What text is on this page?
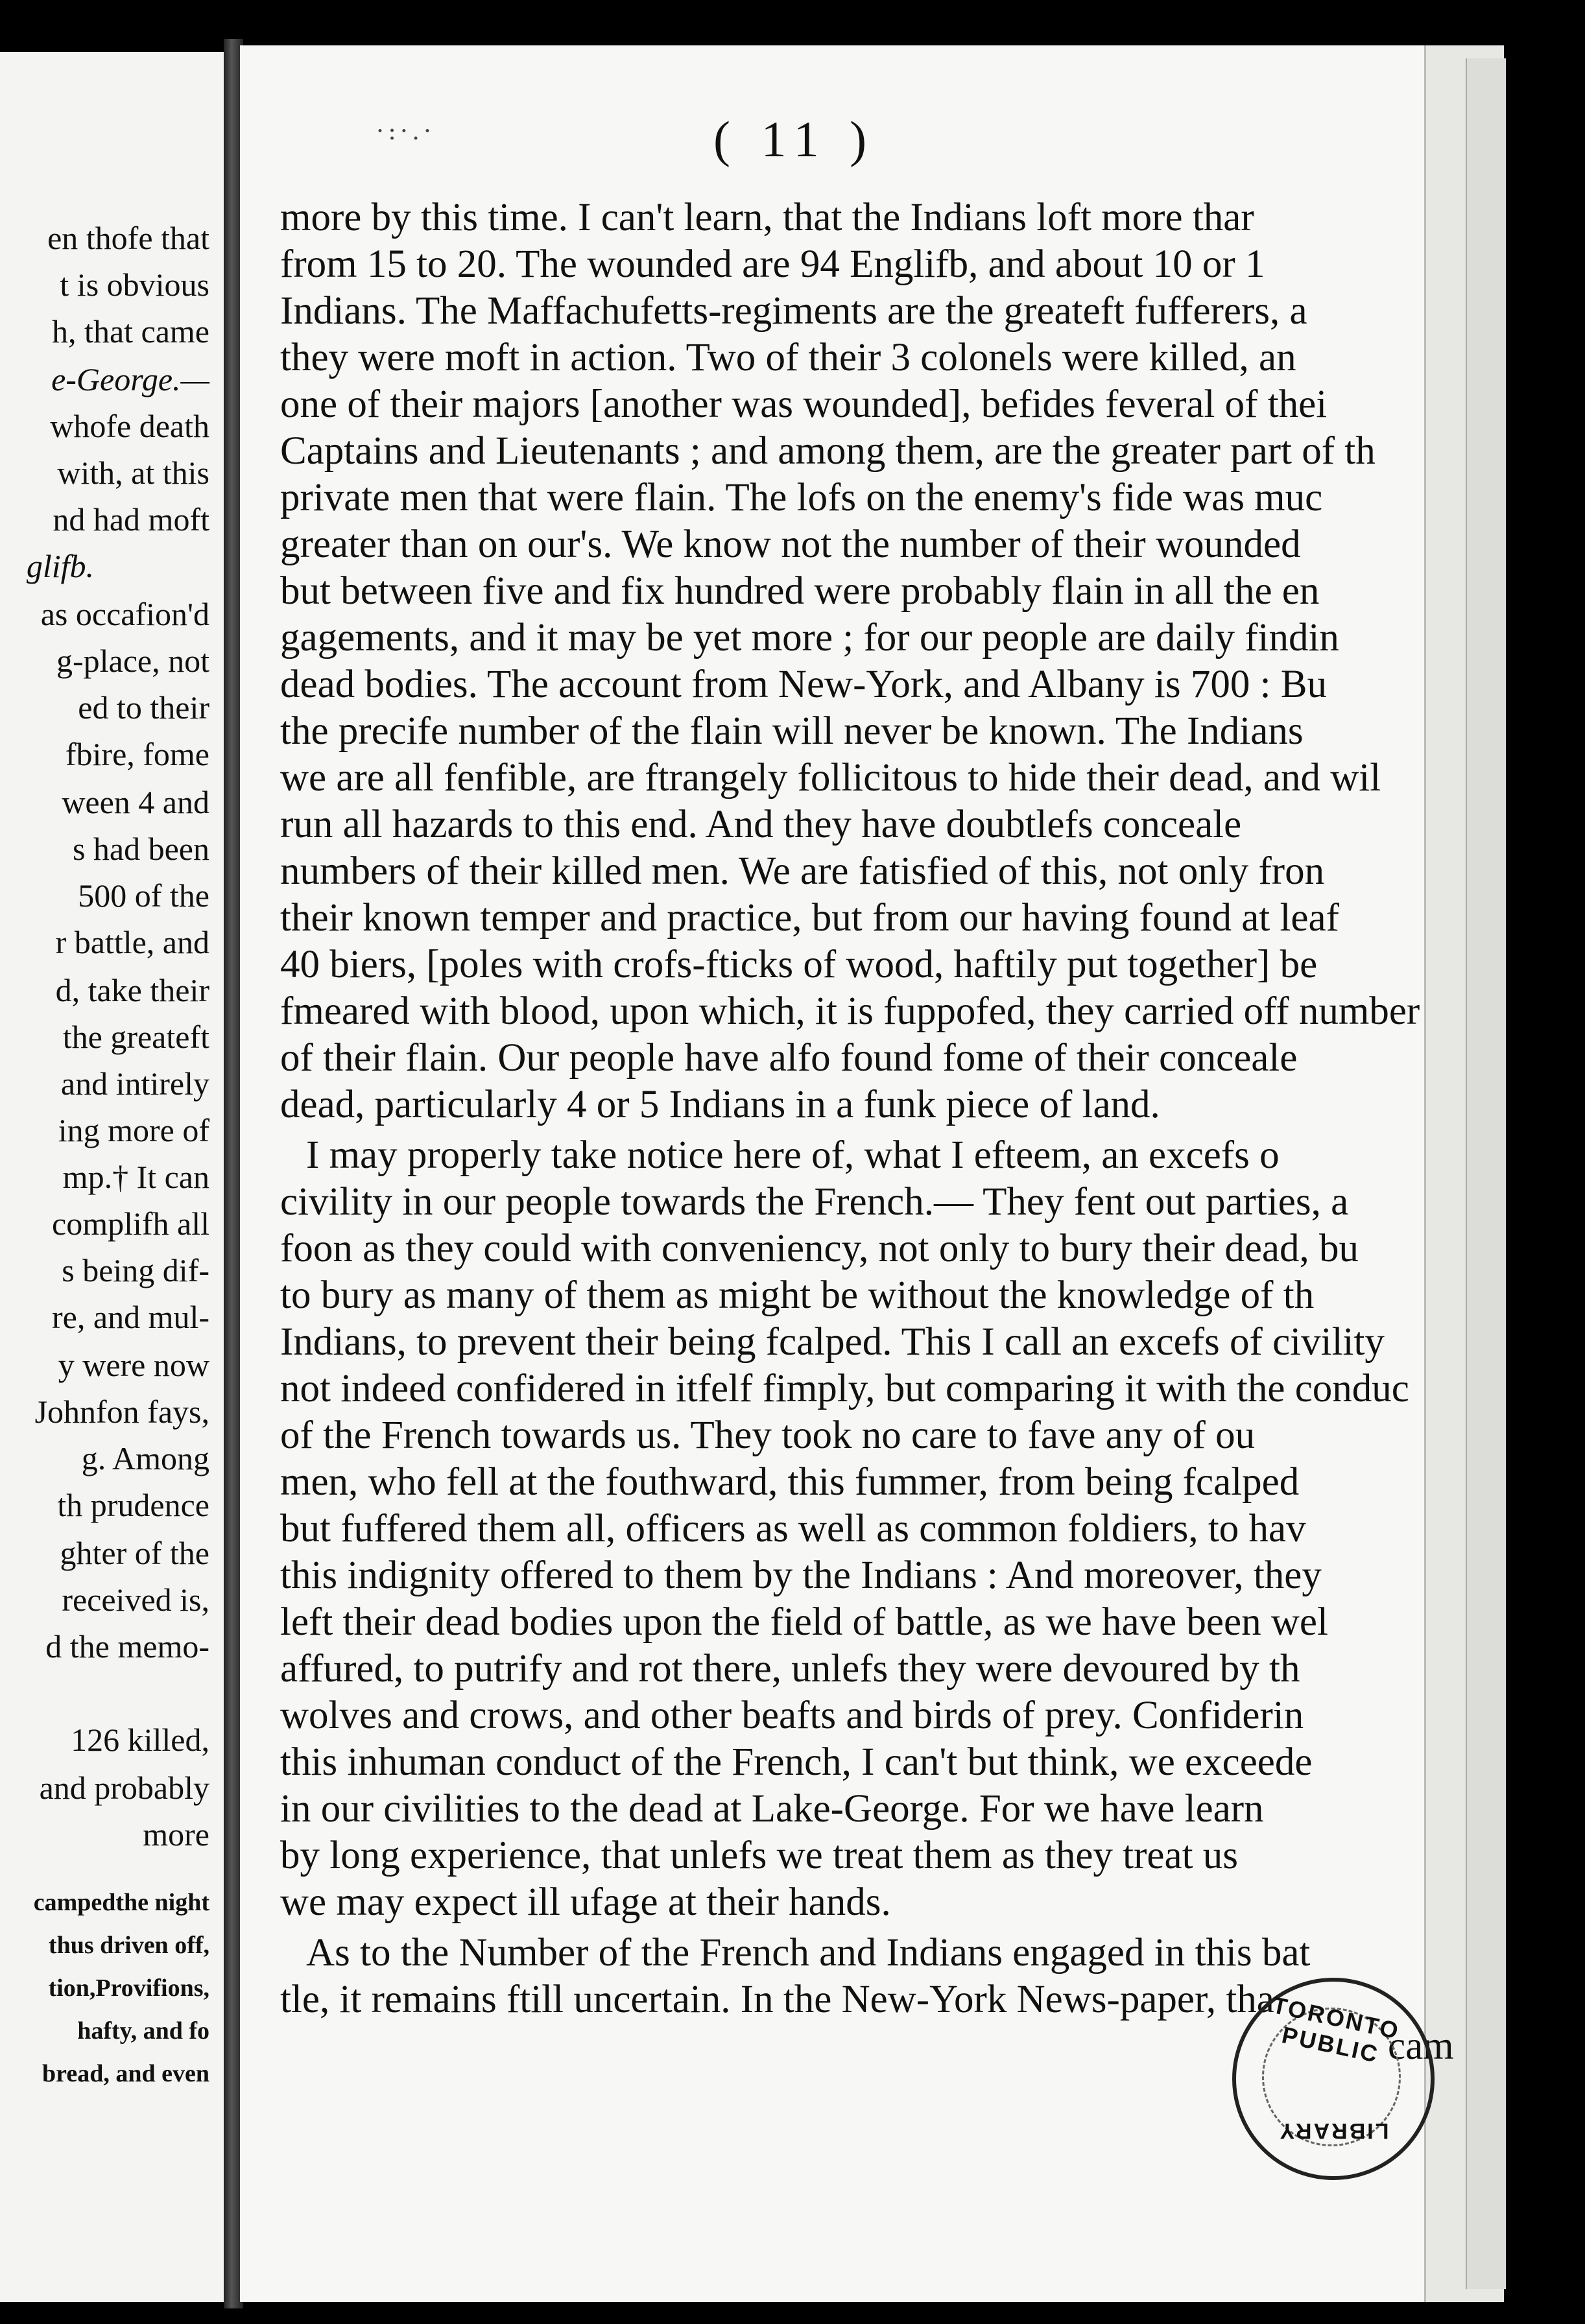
en thofe that
t is obvious
h, that came
e-George.—
whofe death
with, at this
nd had moft
glifb.
as occafion'd
g-place, not
ed to their
fbire, fome
ween 4 and
s had been
500 of the
r battle, and
d, take their
the greateft
and intirely
ing more of
mp.† It can
complifh all
s being dif-
re, and mul-
y were now
Johnfon fays,
g. Among
th prudence
ghter of the
received is,
d the memo-
126 killed,
and probably
more
campedthe night
thus driven off,
tion,Provifions,
hafty, and fo
bread, and even
·:·.·	( 11 )
more by this time. I can't learn, that the Indians loft more thar
from 15 to 20. The wounded are 94 Englifb, and about 10 or 1
Indians. The Maffachufetts-regiments are the greateft fufferers, a
they were moft in action. Two of their 3 colonels were killed, an
one of their majors [another was wounded], befides feveral of thei
Captains and Lieutenants ; and among them, are the greater part of th
private men that were flain. The lofs on the enemy's fide was muc
greater than on our's. We know not the number of their wounded
but between five and fix hundred were probably flain in all the en
gagements, and it may be yet more ; for our people are daily findin
dead bodies. The account from New-York, and Albany is 700 : Bu
the precife number of the flain will never be known. The Indians
we are all fenfible, are ftrangely follicitous to hide their dead, and wil
run all hazards to this end. And they have doubtlefs conceale
numbers of their killed men. We are fatisfied of this, not only fron
their known temper and practice, but from our having found at leaf
40 biers, [poles with crofs-fticks of wood, haftily put together] be
fmeared with blood, upon which, it is fuppofed, they carried off number
of their flain. Our people have alfo found fome of their conceale
dead, particularly 4 or 5 Indians in a funk piece of land.
I may properly take notice here of, what I efteem, an excefs o
civility in our people towards the French.— They fent out parties, a
foon as they could with conveniency, not only to bury their dead, bu
to bury as many of them as might be without the knowledge of th
Indians, to prevent their being fcalped. This I call an excefs of civility
not indeed confidered in itfelf fimply, but comparing it with the conduc
of the French towards us. They took no care to fave any of ou
men, who fell at the fouthward, this fummer, from being fcalped
but fuffered them all, officers as well as common foldiers, to hav
this indignity offered to them by the Indians : And moreover, they
left their dead bodies upon the field of battle, as we have been wel
affured, to putrify and rot there, unlefs they were devoured by th
wolves and crows, and other beafts and birds of prey. Confiderin
this inhuman conduct of the French, I can't but think, we exceede
in our civilities to the dead at Lake-George. For we have learn
by long experience, that unlefs we treat them as they treat us
we may expect ill ufage at their hands.
As to the Number of the French and Indians engaged in this bat
tle, it remains ftill uncertain. In the New-York News-paper, tha
cam
TORONTO PUBLIC
LIBRARY
